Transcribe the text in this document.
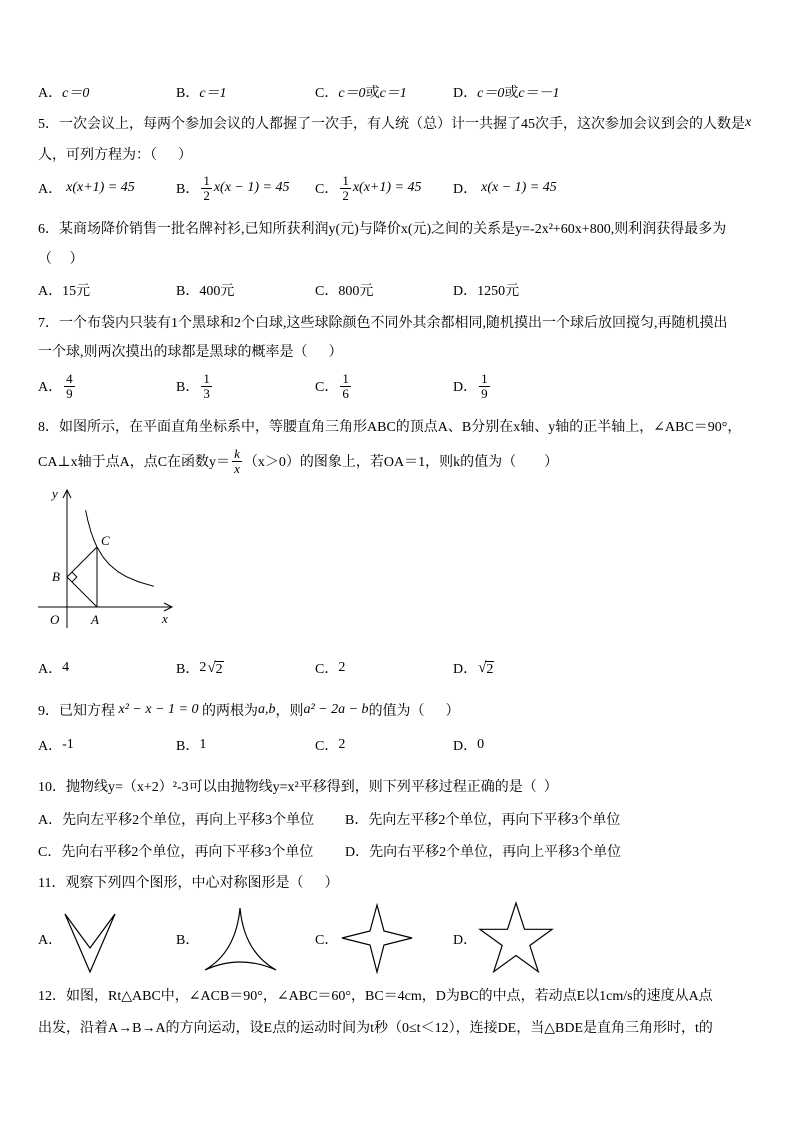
A． c＝0	B． c＝1	C． c＝0 或 c＝1	D． c＝0 或 c＝－1
5．一次会议上，每两个参加会议的人都握了一次手，有人统（总）计一共握了45次手，这次参加会议到会的人数是 x
人，可列方程为：（      ）
A． x(x+1) = 45	B． $\frac{1}{2} x(x - 1) = 45$ C． $\frac{1}{2} x(x+1) = 45$ D． x(x − 1) = 45
6．某商场降价销售一批名牌衬衫,已知所获利润y(元)与降价x(元)之间的关系是y=-2x²+60x+800,则利润获得最多为
（     ）
A． 15元	B． 400元	C． 800元	D． 1250元
7．一个布袋内只装有1个黑球和2个白球,这些球除颜色不同外其余都相同,随机摸出一个球后放回搅匀,再随机摸出
一个球,则两次摸出的球都是黑球的概率是（      ）
A． $\frac{4}{9}$	B． $\frac{1}{3}$	C． $\frac{1}{6}$	D． $\frac{1}{9}$
8．如图所示，在平面直角坐标系中，等腰直角三角形ABC的顶点A、B分别在x轴、y轴的正半轴上，∠ABC＝90°，
CA⊥x轴于点A，点C在函数$y= \frac{k}{x} (x>0)$的图象上，若OA＝1，则k的值为（        ）
y
x
O A
B
C
A． 4	B． 2 √ 2	C． 2	D． √ 2
9．已知方程 x² − x − 1 = 0 的两根为 a,b ，则 a² − 2a − b 的值为（      ）
A． -1	B． 1	C． 2	D． 0
10．抛物线y=（x+2）²-3可以由抛物线y=x²平移得到，则下列平移过程正确的是（  ）
A． 先向左平移2个单位，再向上平移3个单位 B． 先向左平移2个单位，再向下平移3个单位
C． 先向右平移2个单位，再向下平移3个单位 D． 先向右平移2个单位，再向上平移3个单位
11．观察下列四个图形，中心对称图形是（      ）
A．	B．	C．	D．
12．如图，Rt△ABC中，∠ACB＝90°，∠ABC＝60°，BC＝4cm，D为BC的中点，若动点E以1cm/s的速度从A点
出发，沿着A→B→A的方向运动，设E点的运动时间为t秒（0≤t＜12），连接DE，当△BDE是直角三角形时，t的
